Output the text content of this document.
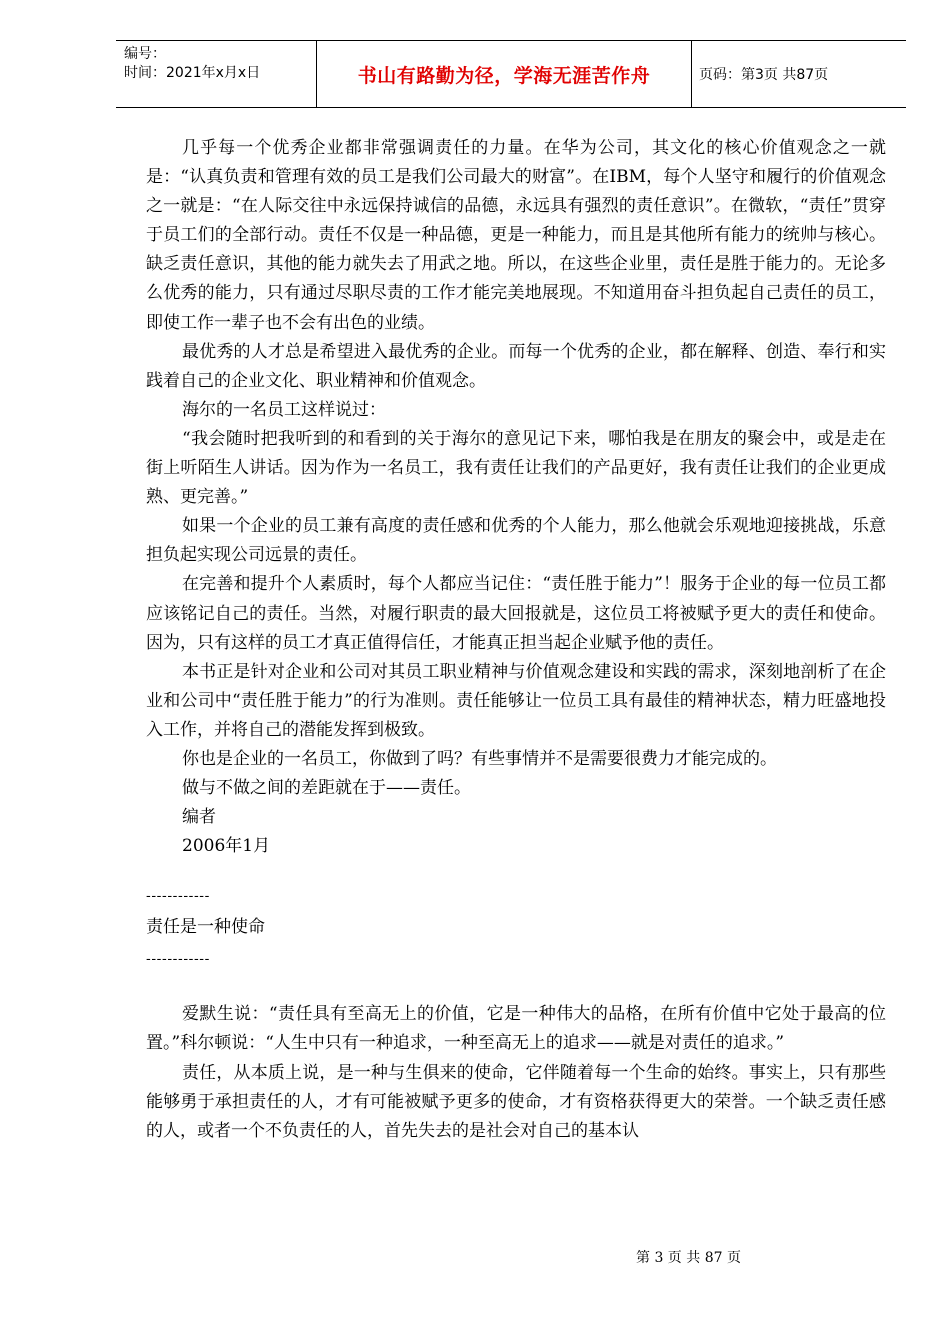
编号：
时间：2021年x月x日	书山有路勤为径，学海无涯苦作舟	页码：第3页 共87页

几乎每一个优秀企业都非常强调责任的力量。在华为公司，其文化的核心价值观念之一就是：“认真负责和管理有效的员工是我们公司最大的财富”。在IBM，每个人坚守和履行的价值观念之一就是：“在人际交往中永远保持诚信的品德，永远具有强烈的责任意识”。在微软，“责任”贯穿于员工们的全部行动。责任不仅是一种品德，更是一种能力，而且是其他所有能力的统帅与核心。缺乏责任意识，其他的能力就失去了用武之地。所以，在这些企业里，责任是胜于能力的。无论多么优秀的能力，只有通过尽职尽责的工作才能完美地展现。不知道用奋斗担负起自己责任的员工，即使工作一辈子也不会有出色的业绩。

最优秀的人才总是希望进入最优秀的企业。而每一个优秀的企业，都在解释、创造、奉行和实践着自己的企业文化、职业精神和价值观念。

海尔的一名员工这样说过：

“我会随时把我听到的和看到的关于海尔的意见记下来，哪怕我是在朋友的聚会中，或是走在街上听陌生人讲话。因为作为一名员工，我有责任让我们的产品更好，我有责任让我们的企业更成熟、更完善。”

如果一个企业的员工兼有高度的责任感和优秀的个人能力，那么他就会乐观地迎接挑战，乐意担负起实现公司远景的责任。

在完善和提升个人素质时，每个人都应当记住：“责任胜于能力”！服务于企业的每一位员工都应该铭记自己的责任。当然，对履行职责的最大回报就是，这位员工将被赋予更大的责任和使命。因为，只有这样的员工才真正值得信任，才能真正担当起企业赋予他的责任。

本书正是针对企业和公司对其员工职业精神与价值观念建设和实践的需求，深刻地剖析了在企业和公司中“责任胜于能力”的行为准则。责任能够让一位员工具有最佳的精神状态，精力旺盛地投入工作，并将自己的潜能发挥到极致。

你也是企业的一名员工，你做到了吗？有些事情并不是需要很费力才能完成的。

做与不做之间的差距就在于——责任。

编者

2006年1月

------------

责任是一种使命

------------

爱默生说：“责任具有至高无上的价值，它是一种伟大的品格，在所有价值中它处于最高的位置。”科尔顿说：“人生中只有一种追求，一种至高无上的追求——就是对责任的追求。”

责任，从本质上说，是一种与生俱来的使命，它伴随着每一个生命的始终。事实上，只有那些能够勇于承担责任的人，才有可能被赋予更多的使命，才有资格获得更大的荣誉。一个缺乏责任感的人，或者一个不负责任的人，首先失去的是社会对自己的基本认

第 3 页 共 87 页
